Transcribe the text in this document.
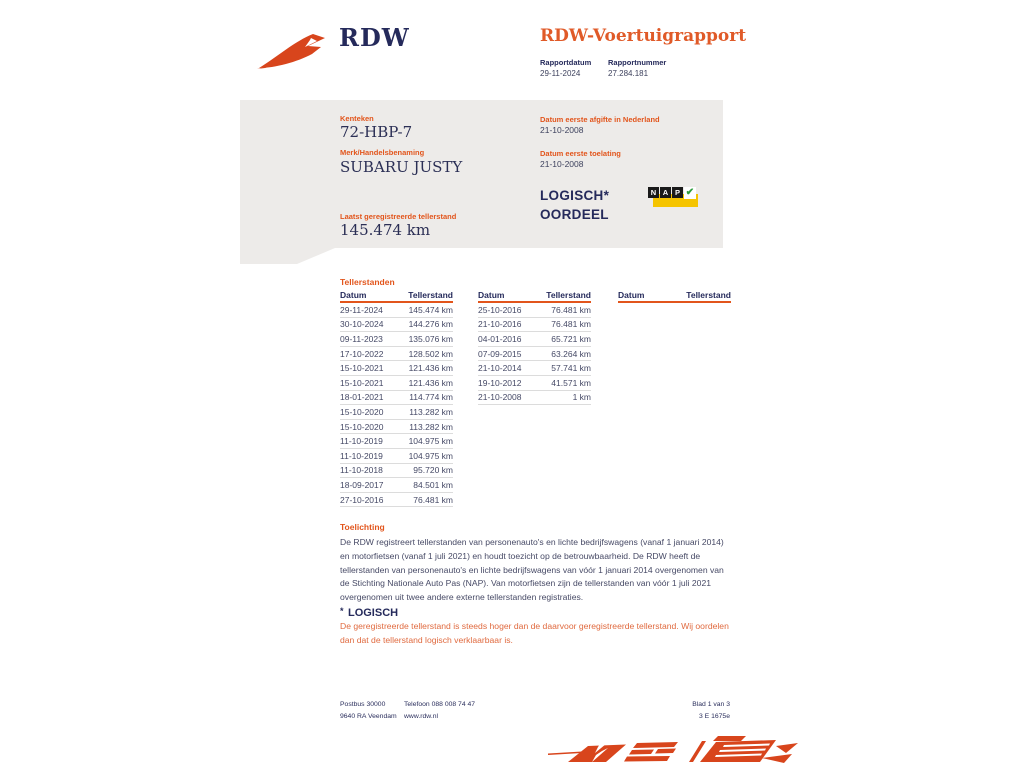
RDW	RDW-Voertuigrapport
Rapportdatum Rapportnummer
29-11-2024	27.284.181
Kenteken
72-HBP-7
Merk/Handelsbenaming
SUBARU JUSTY
Laatst geregistreerde tellerstand
145.474 km
Datum eerste afgifte in Nederland
21-10-2008
Datum eerste toelating
21-10-2008
LOGISCH*
OORDEEL
N A P ✔
Tellerstanden
Datum	Tellerstand
29-11-2024	145.474 km
30-10-2024	144.276 km
09-11-2023	135.076 km
17-10-2022	128.502 km
15-10-2021	121.436 km
15-10-2021	121.436 km
18-01-2021	114.774 km
15-10-2020	113.282 km
15-10-2020	113.282 km
11-10-2019	104.975 km
11-10-2019	104.975 km
11-10-2018	95.720 km
18-09-2017	84.501 km
27-10-2016	76.481 km
Datum	Tellerstand
25-10-2016	76.481 km
21-10-2016	76.481 km
04-01-2016	65.721 km
07-09-2015	63.264 km
21-10-2014	57.741 km
19-10-2012	41.571 km
21-10-2008	1 km
Datum	Tellerstand
Toelichting
De RDW registreert tellerstanden van personenauto's en lichte bedrijfswagens (vanaf 1 januari 2014) en motorfietsen (vanaf 1 juli 2021) en houdt toezicht op de betrouwbaarheid. De RDW heeft de tellerstanden van personenauto's en lichte bedrijfswagens van vóór 1 januari 2014 overgenomen van de Stichting Nationale Auto Pas (NAP). Van motorfietsen zijn de tellerstanden van vóór 1 juli 2021 overgenomen uit twee andere externe tellerstanden registraties.
* LOGISCH
De geregistreerde tellerstand is steeds hoger dan de daarvoor geregistreerde tellerstand. Wij oordelen dan dat de tellerstand logisch verklaarbaar is.
Postbus 30000
9640 RA Veendam
Telefoon 088 008 74 47
www.rdw.nl
Blad 1 van 3
3 E 1675e
